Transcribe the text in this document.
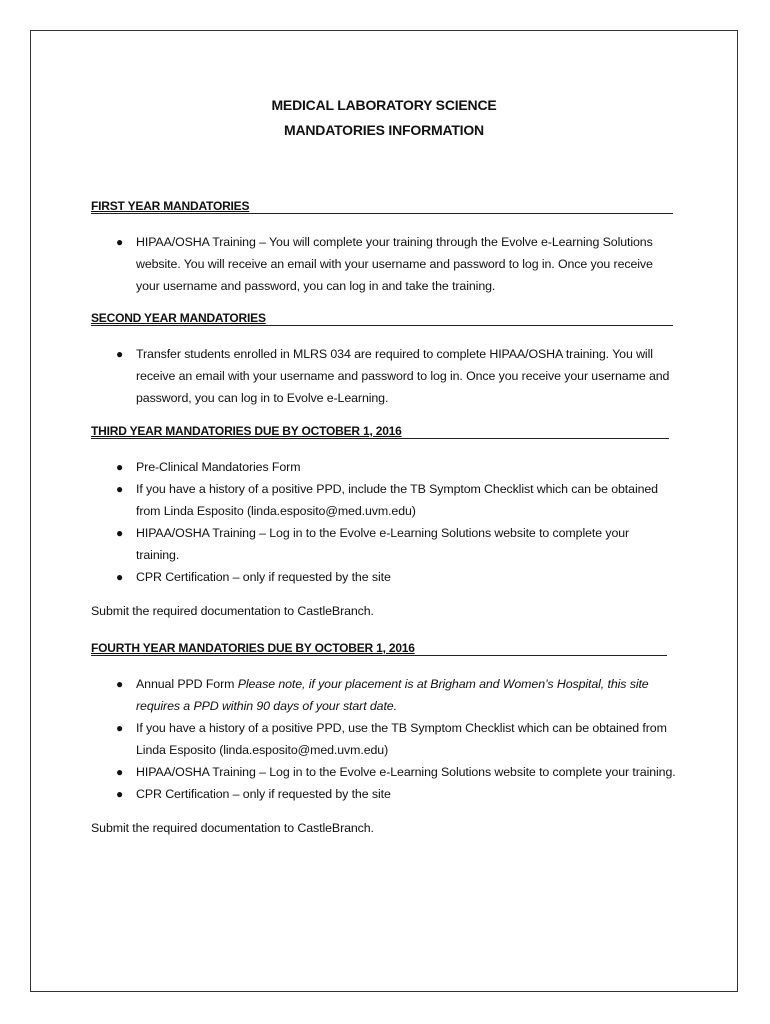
MEDICAL LABORATORY SCIENCE
MANDATORIES INFORMATION
FIRST YEAR MANDATORIES
● HIPAA/OSHA Training – You will complete your training through the Evolve e-Learning Solutions website. You will receive an email with your username and password to log in. Once you receive your username and password, you can log in and take the training.
SECOND YEAR MANDATORIES
● Transfer students enrolled in MLRS 034 are required to complete HIPAA/OSHA training. You will receive an email with your username and password to log in. Once you receive your username and password, you can log in to Evolve e-Learning.
THIRD YEAR MANDATORIES DUE BY OCTOBER 1, 2016
● Pre-Clinical Mandatories Form
● If you have a history of a positive PPD, include the TB Symptom Checklist which can be obtained from Linda Esposito (linda.esposito@med.uvm.edu)
● HIPAA/OSHA Training – Log in to the Evolve e-Learning Solutions website to complete your training.
● CPR Certification – only if requested by the site
Submit the required documentation to CastleBranch.
FOURTH YEAR MANDATORIES DUE BY OCTOBER 1, 2016
● Annual PPD Form Please note, if your placement is at Brigham and Women’s Hospital, this site requires a PPD within 90 days of your start date.
● If you have a history of a positive PPD, use the TB Symptom Checklist which can be obtained from Linda Esposito (linda.esposito@med.uvm.edu)
● HIPAA/OSHA Training – Log in to the Evolve e-Learning Solutions website to complete your training.
● CPR Certification – only if requested by the site
Submit the required documentation to CastleBranch.
